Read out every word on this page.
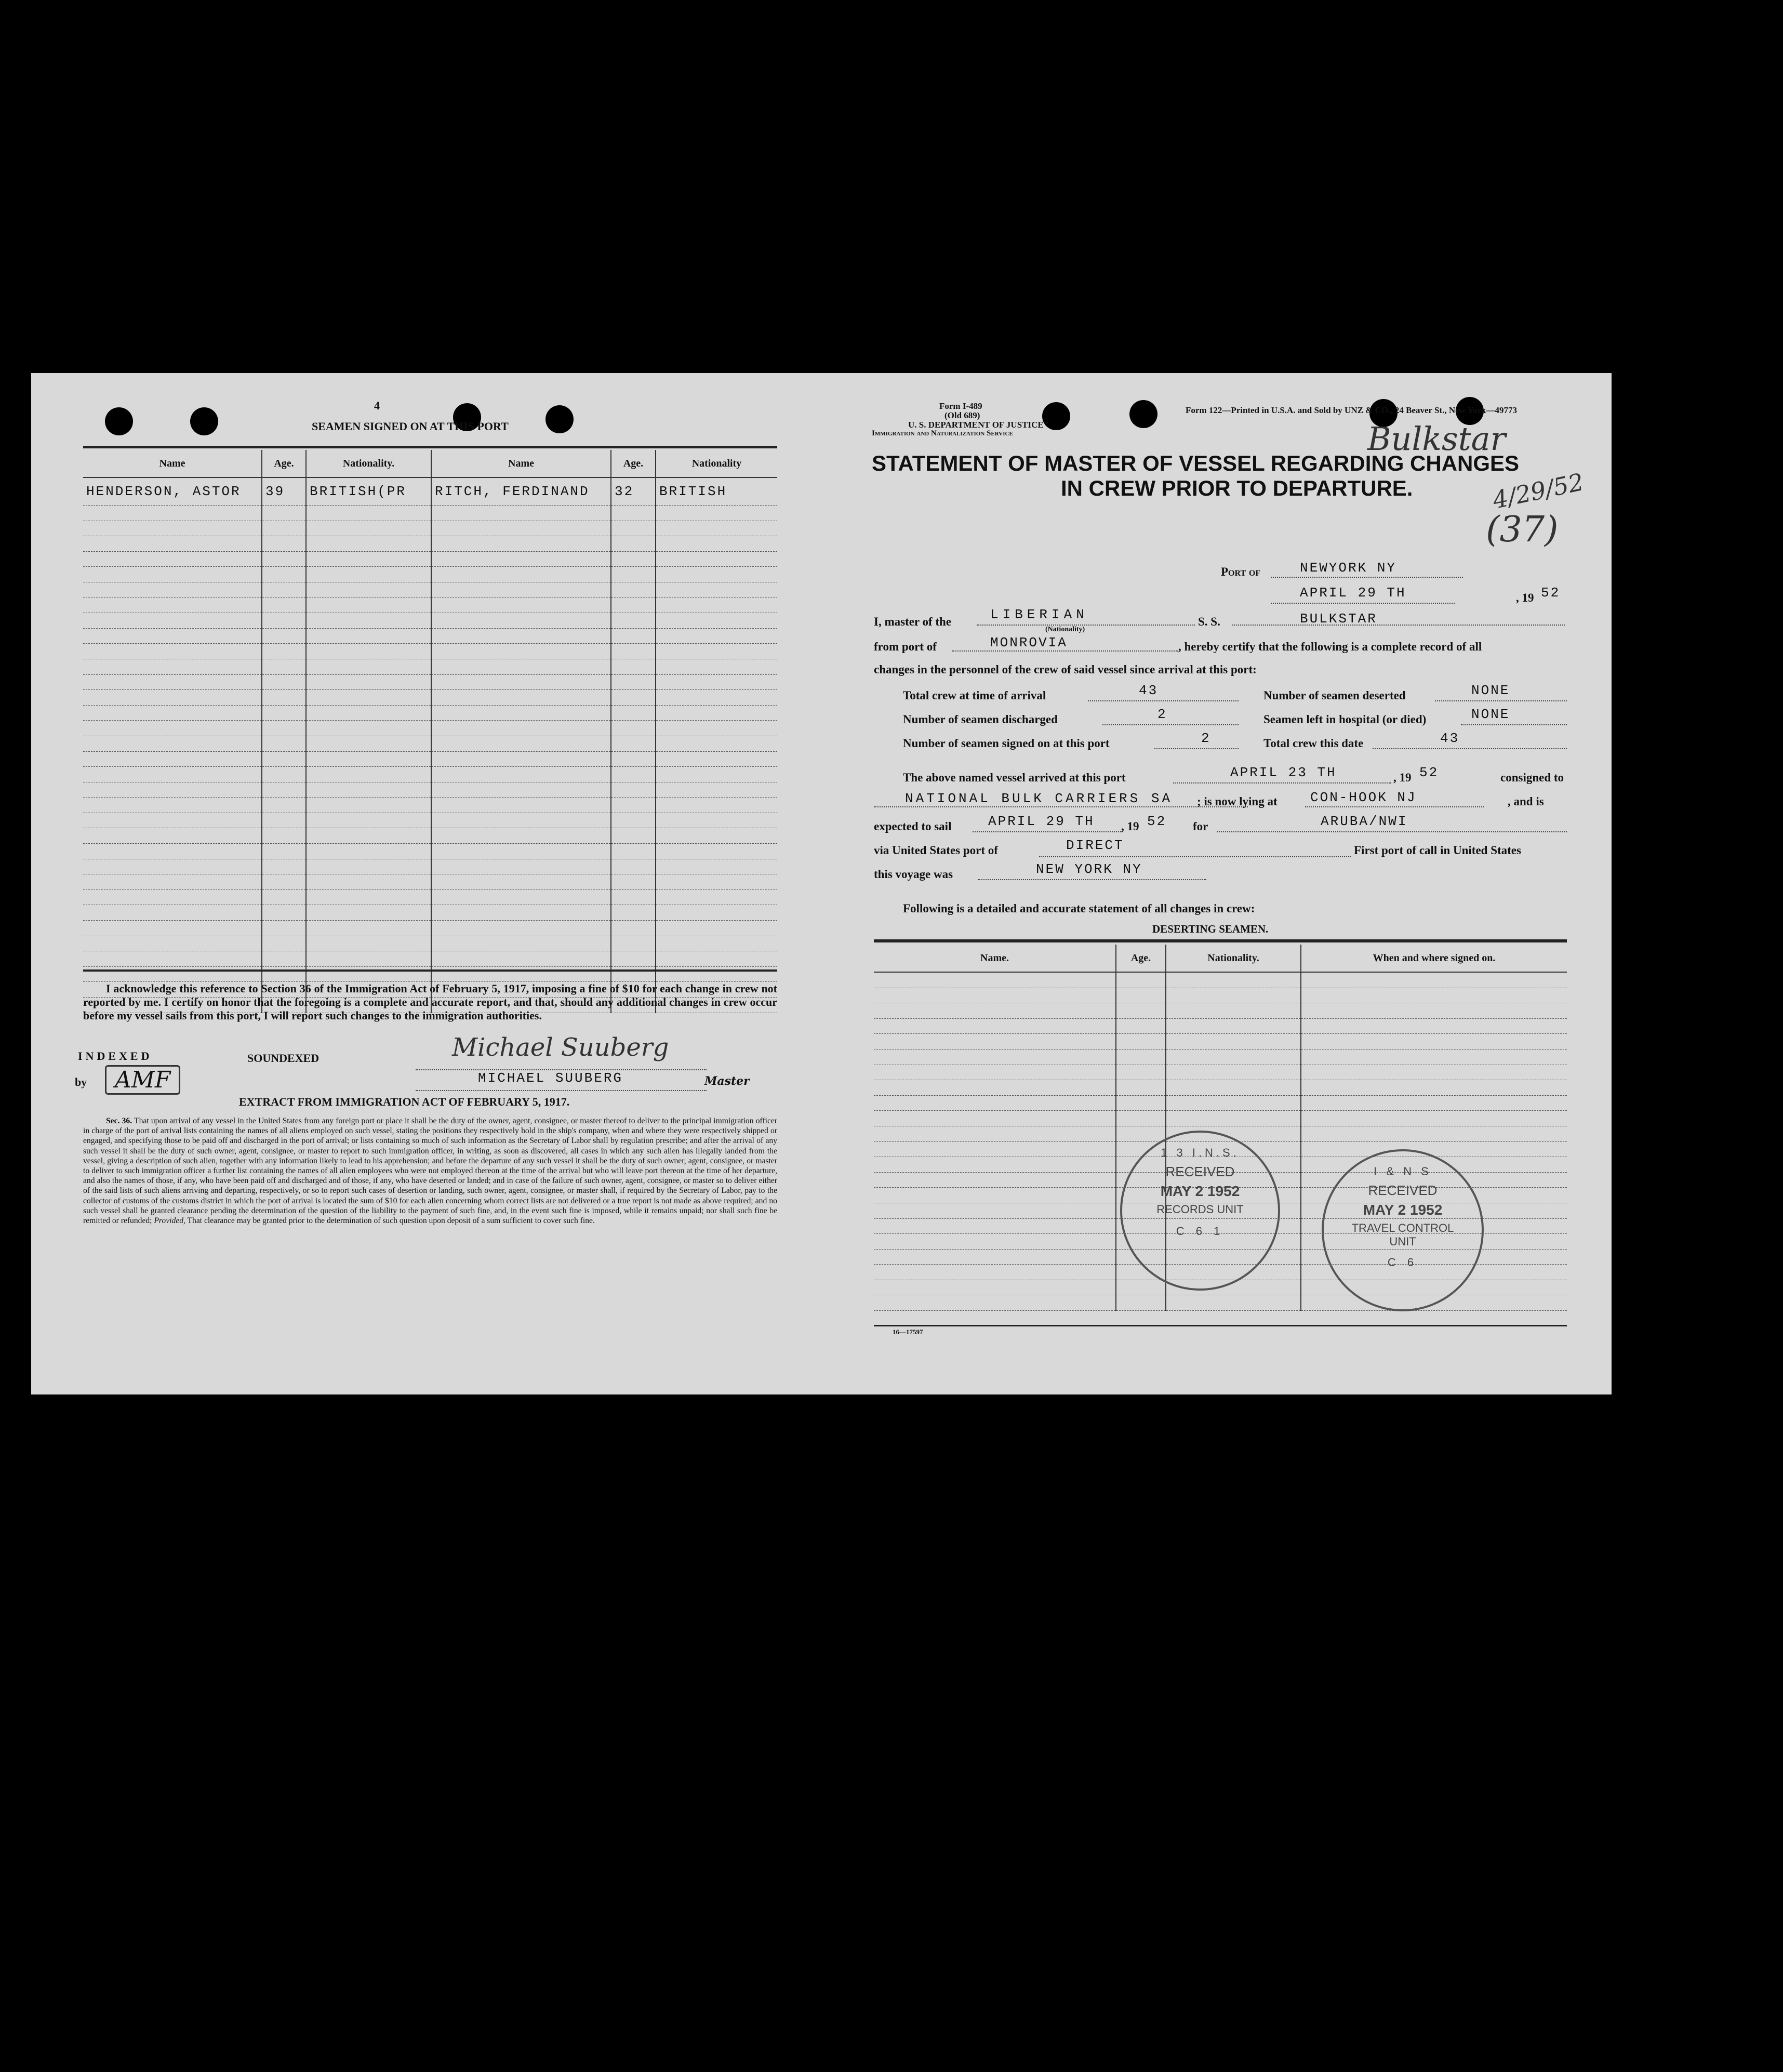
4
SEAMEN SIGNED ON AT THIS PORT
Name	Age.	Nationality.	Name	Age.	Nationality
HENDERSON, ASTOR	39	BRITISH(PR	RITCH, FERDINAND	32	BRITISH

I acknowledge this reference to Section 36 of the Immigration Act of February 5, 1917, imposing a fine of $10 for each change in crew not reported by me. I certify on honor that the foregoing is a complete and accurate report, and that, should any additional changes in crew occur before my vessel sails from this port, I will report such changes to the immigration authorities.
INDEXED	SOUNDEXED
by	AMF
Michael Suuberg
MICHAEL SUUBERG	Master
EXTRACT FROM IMMIGRATION ACT OF FEBRUARY 5, 1917.
Sec. 36. That upon arrival of any vessel in the United States from any foreign port or place it shall be the duty of the owner, agent, consignee, or master thereof to deliver to the principal immigration officer in charge of the port of arrival lists containing the names of all aliens employed on such vessel, stating the positions they respectively hold in the ship's company, when and where they were respectively shipped or engaged, and specifying those to be paid off and discharged in the port of arrival; or lists containing so much of such information as the Secretary of Labor shall by regulation prescribe; and after the arrival of any such vessel it shall be the duty of such owner, agent, consignee, or master to report to such immigration officer, in writing, as soon as discovered, all cases in which any such alien has illegally landed from the vessel, giving a description of such alien, together with any information likely to lead to his apprehension; and before the departure of any such vessel it shall be the duty of such owner, agent, consignee, or master to deliver to such immigration officer a further list containing the names of all alien employees who were not employed thereon at the time of the arrival but who will leave port thereon at the time of her departure, and also the names of those, if any, who have been paid off and discharged and of those, if any, who have deserted or landed; and in case of the failure of such owner, agent, consignee, or master so to deliver either of the said lists of such aliens arriving and departing, respectively, or so to report such cases of desertion or landing, such owner, agent, consignee, or master shall, if required by the Secretary of Labor, pay to the collector of customs of the customs district in which the port of arrival is located the sum of $10 for each alien concerning whom correct lists are not delivered or a true report is not made as above required; and no such vessel shall be granted clearance pending the determination of the question of the liability to the payment of such fine, and, in the event such fine is imposed, while it remains unpaid; nor shall such fine be remitted or refunded; Provided, That clearance may be granted prior to the determination of such question upon deposit of a sum sufficient to cover such fine.
Form I-489
(Old 689)
U. S. DEPARTMENT OF JUSTICE
Immigration and Naturalization Service
Form 122—Printed in U.S.A. and Sold by UNZ & CO., 24 Beaver St., New York—49773
Bulkstar
4/29/52
(37)
STATEMENT OF MASTER OF VESSEL REGARDING CHANGES
IN CREW PRIOR TO DEPARTURE.
Port of	NEWYORK NY
APRIL 29 TH	, 19 52
I, master of the	LIBERIAN
(Nationality)
S. S.	BULKSTAR
from port of	MONROVIA	, hereby certify that the following is a complete record of all
changes in the personnel of the crew of said vessel since arrival at this port:
Total crew at time of arrival	43	Number of seamen deserted	NONE
Number of seamen discharged	2	Seamen left in hospital (or died)	NONE
Number of seamen signed on at this port	2	Total crew this date	43
The above named vessel arrived at this port	APRIL 23 TH	, 19 52	consigned to
NATIONAL BULK CARRIERS SA ; is now lying at CON-HOOK NJ	, and is
expected to sail	APRIL 29 TH , 19 52 for	ARUBA/NWI
via United States port of	DIRECT	First port of call in United States
this voyage was	NEW YORK NY
Following is a detailed and accurate statement of all changes in crew:
DESERTING SEAMEN.
Name.	Age.	Nationality.	When and where signed on.

1 3 I.N.S.
RECEIVED
MAY 2 1952
RECORDS UNIT
C 6 1
I & N S
RECEIVED
MAY 2 1952
TRAVEL CONTROL UNIT
C 6
16—17597
